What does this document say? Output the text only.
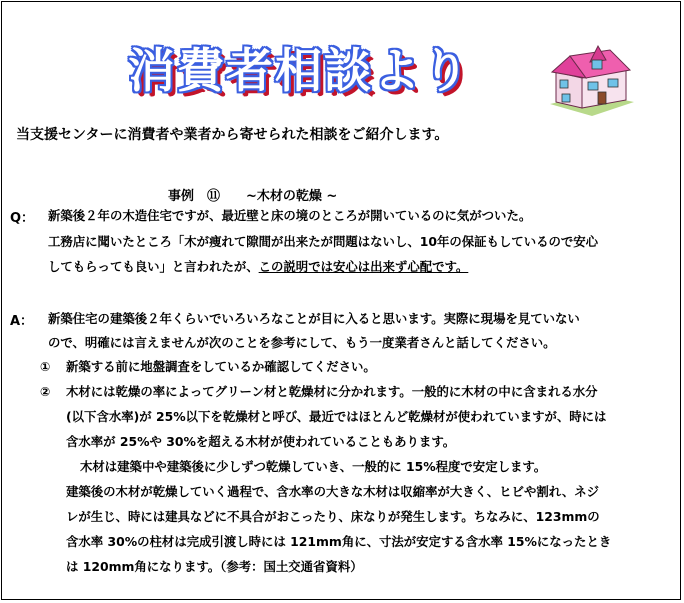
消費者相談より
当支援センターに消費者や業者から寄せられた相談をご紹介します。
事例　⑪　　~木材の乾燥 ~
Q： 新築後２年の木造住宅ですが、最近壁と床の境のところが開いているのに気がついた。
工務店に聞いたところ「木が痩れて隙間が出来たが問題はないし、10年の保証もしているので安心
してもらっても良い」と言われたが、この説明では安心は出来ず心配です。
A： 新築住宅の建築後２年くらいでいろいろなことが目に入ると思います。実際に現場を見ていない
ので、明確には言えませんが次のことを参考にして、もう一度業者さんと話してください。
① 新築する前に地盤調査をしているか確認してください。
② 木材には乾燥の率によってグリーン材と乾燥材に分かれます。一般的に木材の中に含まれる水分
(以下含水率)が 25%以下を乾燥材と呼び、最近ではほとんど乾燥材が使われていますが、時には
含水率が 25%や 30%を超える木材が使われていることもあります。
木材は建築中や建築後に少しずつ乾燥していき、一般的に 15%程度で安定します。
建築後の木材が乾燥していく過程で、含水率の大きな木材は収縮率が大きく、ヒビや割れ、ネジ
レが生じ、時には建具などに不具合がおこったり、床なりが発生します。ちなみに、123mmの
含水率 30%の柱材は完成引渡し時には 121mm角に、寸法が安定する含水率 15%になったとき
は 120mm角になります。（参考：国土交通省資料）
